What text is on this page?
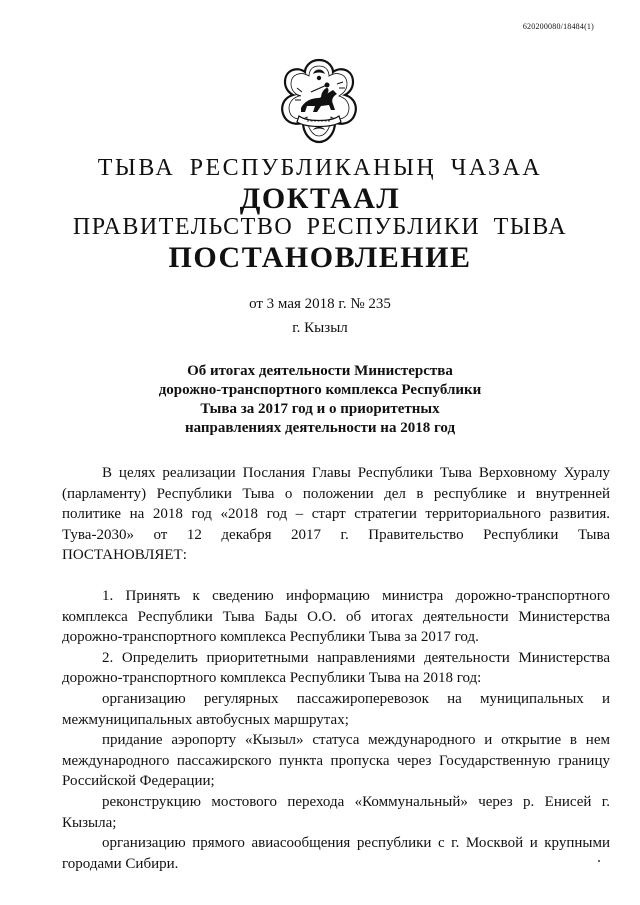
620200080/18484(1)
ТЫВА РЕСПУБЛИКАНЫҢ ЧАЗАА
ДОКТААЛ
ПРАВИТЕЛЬСТВО РЕСПУБЛИКИ ТЫВА
ПОСТАНОВЛЕНИЕ
от 3 мая 2018 г. № 235
г. Кызыл
Об итогах деятельности Министерства
дорожно-транспортного комплекса Республики
Тыва за 2017 год и о приоритетных
направлениях деятельности на 2018 год

В целях реализации Послания Главы Республики Тыва Верховному Хуралу (парламенту) Республики Тыва о положении дел в республике и внутренней политике на 2018 год «2018 год – старт стратегии территориального развития. Тува-2030» от 12 декабря 2017 г. Правительство Республики Тыва ПОСТАНОВЛЯЕТ:

1. Принять к сведению информацию министра дорожно-транспортного комплекса Республики Тыва Бады О.О. об итогах деятельности Министерства дорожно-транспортного комплекса Республики Тыва за 2017 год.

2. Определить приоритетными направлениями деятельности Министерства дорожно-транспортного комплекса Республики Тыва на 2018 год:

организацию регулярных пассажироперевозок на муниципальных и межмуниципальных автобусных маршрутах;

придание аэропорту «Кызыл» статуса международного и открытие в нем международного пассажирского пункта пропуска через Государственную границу Российской Федерации;

реконструкцию мостового перехода «Коммунальный» через р. Енисей г. Кызыла;

организацию прямого авиасообщения республики с г. Москвой и крупными городами Сибири.
